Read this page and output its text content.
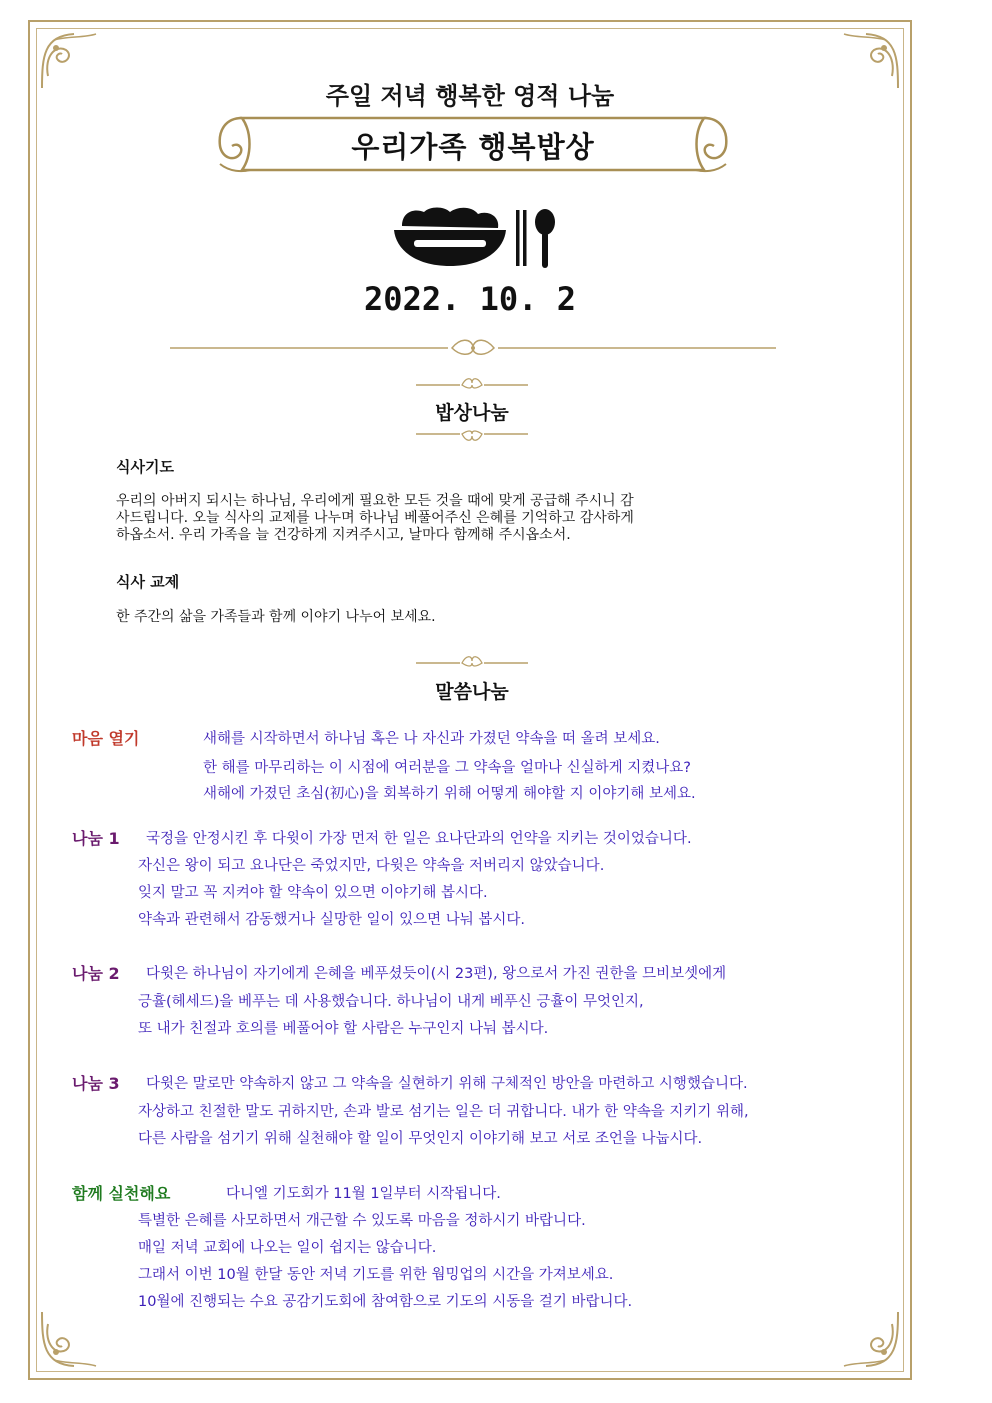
주일 저녁 행복한 영적 나눔
우리가족 행복밥상
2022. 10. 2
밥상나눔
식사기도
우리의 아버지 되시는 하나님, 우리에게 필요한 모든 것을 때에 맞게 공급해 주시니 감
사드립니다. 오늘 식사의 교제를 나누며 하나님 베풀어주신 은혜를 기억하고 감사하게
하옵소서. 우리 가족을 늘 건강하게 지켜주시고, 날마다 함께해 주시옵소서.
식사 교제
한 주간의 삶을 가족들과 함께 이야기 나누어 보세요.
말씀나눔
마음 열기	새해를 시작하면서 하나님 혹은 나 자신과 가졌던 약속을 떠 올려 보세요.
한 해를 마무리하는 이 시점에 여러분을 그 약속을 얼마나 신실하게 지켰나요?
새해에 가졌던 초심(初心)을 회복하기 위해 어떻게 해야할 지 이야기해 보세요.
나눔 1 국정을 안정시킨 후 다윗이 가장 먼저 한 일은 요나단과의 언약을 지키는 것이었습니다.
자신은 왕이 되고 요나단은 죽었지만, 다윗은 약속을 저버리지 않았습니다.
잊지 말고 꼭 지켜야 할 약속이 있으면 이야기해 봅시다.
약속과 관련해서 감동했거나 실망한 일이 있으면 나눠 봅시다.
나눔 2 다윗은 하나님이 자기에게 은혜을 베푸셨듯이(시 23편), 왕으로서 가진 권한을 므비보셋에게
긍휼(헤세드)을 베푸는 데 사용했습니다. 하나님이 내게 베푸신 긍휼이 무엇인지,
또 내가 친절과 호의를 베풀어야 할 사람은 누구인지 나눠 봅시다.
나눔 3 다윗은 말로만 약속하지 않고 그 약속을 실현하기 위해 구체적인 방안을 마련하고 시행했습니다.
자상하고 친절한 말도 귀하지만, 손과 발로 섬기는 일은 더 귀합니다. 내가 한 약속을 지키기 위해,
다른 사람을 섬기기 위해 실천해야 할 일이 무엇인지 이야기해 보고 서로 조언을 나눕시다.
함께 실천해요	다니엘 기도회가 11월 1일부터 시작됩니다.
특별한 은혜를 사모하면서 개근할 수 있도록 마음을 정하시기 바랍니다.
매일 저녁 교회에 나오는 일이 쉽지는 않습니다.
그래서 이번 10월 한달 동안 저녁 기도를 위한 웜밍업의 시간을 가져보세요.
10월에 진행되는 수요 공감기도회에 참여함으로 기도의 시동을 걸기 바랍니다.
